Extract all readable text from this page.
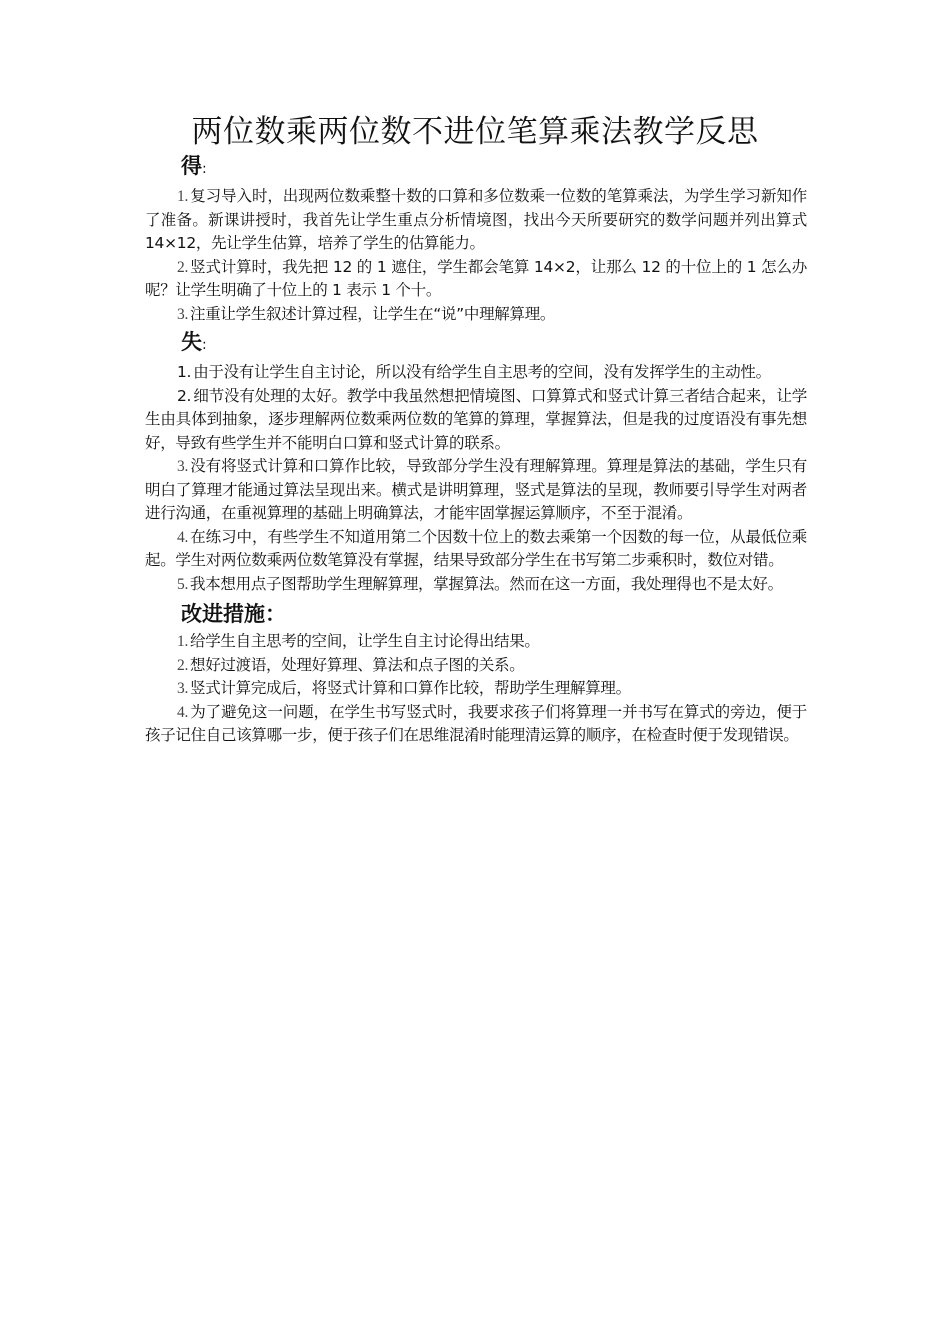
两位数乘两位数不进位笔算乘法教学反思
得:

1. 复习导入时，出现两位数乘整十数的口算和多位数乘一位数的笔算乘法，为学生学习新知作了准备。新课讲授时，我首先让学生重点分析情境图，找出今天所要研究的数学问题并列出算式 14×12，先让学生估算，培养了学生的估算能力。

2. 竖式计算时，我先把 12 的 1 遮住，学生都会笔算 14×2，让那么 12 的十位上的 1 怎么办呢？让学生明确了十位上的 1 表示 1 个十。

3. 注重让学生叙述计算过程，让学生在“说”中理解算理。

失:

1. 由于没有让学生自主讨论，所以没有给学生自主思考的空间，没有发挥学生的主动性。

2. 细节没有处理的太好。教学中我虽然想把情境图、口算算式和竖式计算三者结合起来，让学生由具体到抽象，逐步理解两位数乘两位数的笔算的算理，掌握算法，但是我的过度语没有事先想好，导致有些学生并不能明白口算和竖式计算的联系。

3. 没有将竖式计算和口算作比较，导致部分学生没有理解算理。算理是算法的基础，学生只有明白了算理才能通过算法呈现出来。横式是讲明算理，竖式是算法的呈现，教师要引导学生对两者进行沟通，在重视算理的基础上明确算法，才能牢固掌握运算顺序，不至于混淆。

4. 在练习中，有些学生不知道用第二个因数十位上的数去乘第一个因数的每一位，从最低位乘起。学生对两位数乘两位数笔算没有掌握，结果导致部分学生在书写第二步乘积时，数位对错。

5. 我本想用点子图帮助学生理解算理，掌握算法。然而在这一方面，我处理得也不是太好。

改进措施：

1. 给学生自主思考的空间，让学生自主讨论得出结果。

2. 想好过渡语，处理好算理、算法和点子图的关系。

3. 竖式计算完成后，将竖式计算和口算作比较，帮助学生理解算理。

4. 为了避免这一问题，在学生书写竖式时，我要求孩子们将算理一并书写在算式的旁边，便于孩子记住自己该算哪一步，便于孩子们在思维混淆时能理清运算的顺序，在检查时便于发现错误。
